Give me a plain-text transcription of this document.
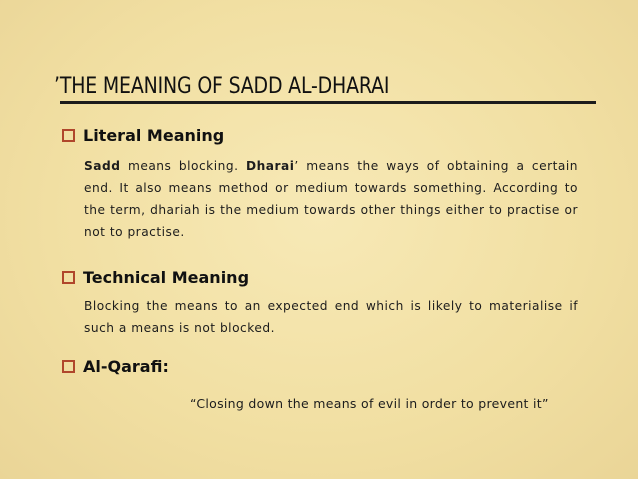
’THE MEANING OF SADD AL-DHARAI
Literal Meaning
Sadd means blocking. Dharai’ means the ways of obtaining a certain end. It also means method or medium towards something. According to the term, dhariah is the medium towards other things either to practise or not to practise.
Technical Meaning
Blocking the means to an expected end which is likely to materialise if such a means is not blocked.
Al-Qarafi:
“Closing down the means of evil in order to prevent it”
